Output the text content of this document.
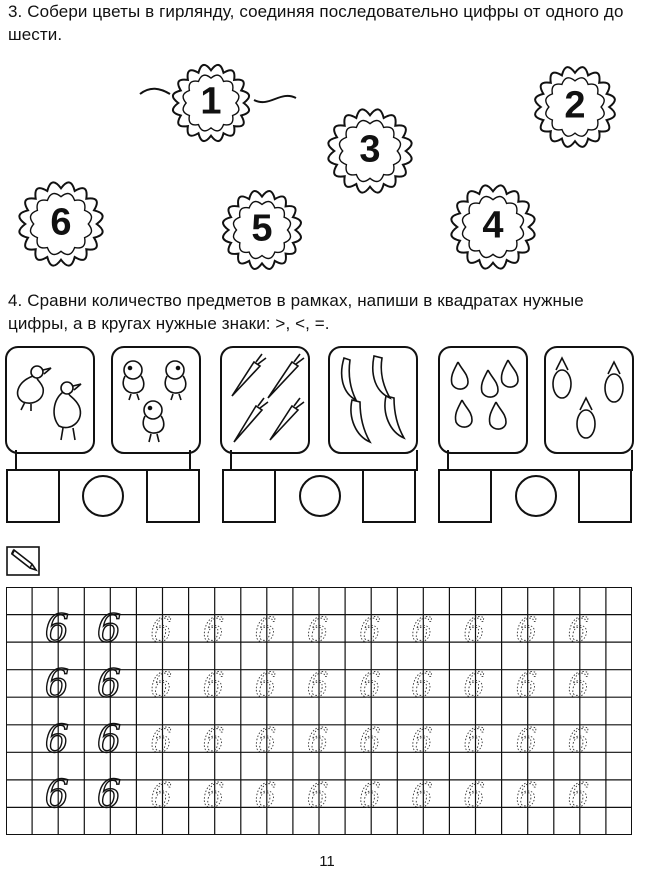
3. Собери цветы в гирлянду, соединяя последовательно цифры от одного до шести.
1	2
3
4
5
6
4. Сравни количество предметов в рамках, напиши в квадратах нужные цифры, а в кругах нужные знаки: >, <, =.
6 6 6 6 6 6 6 6 6 6 6
6 6 6 6 6 6 6 6 6 6 6
6 6 6 6 6 6 6 6 6 6 6
6 6 6 6 6 6 6 6 6 6 6
11
